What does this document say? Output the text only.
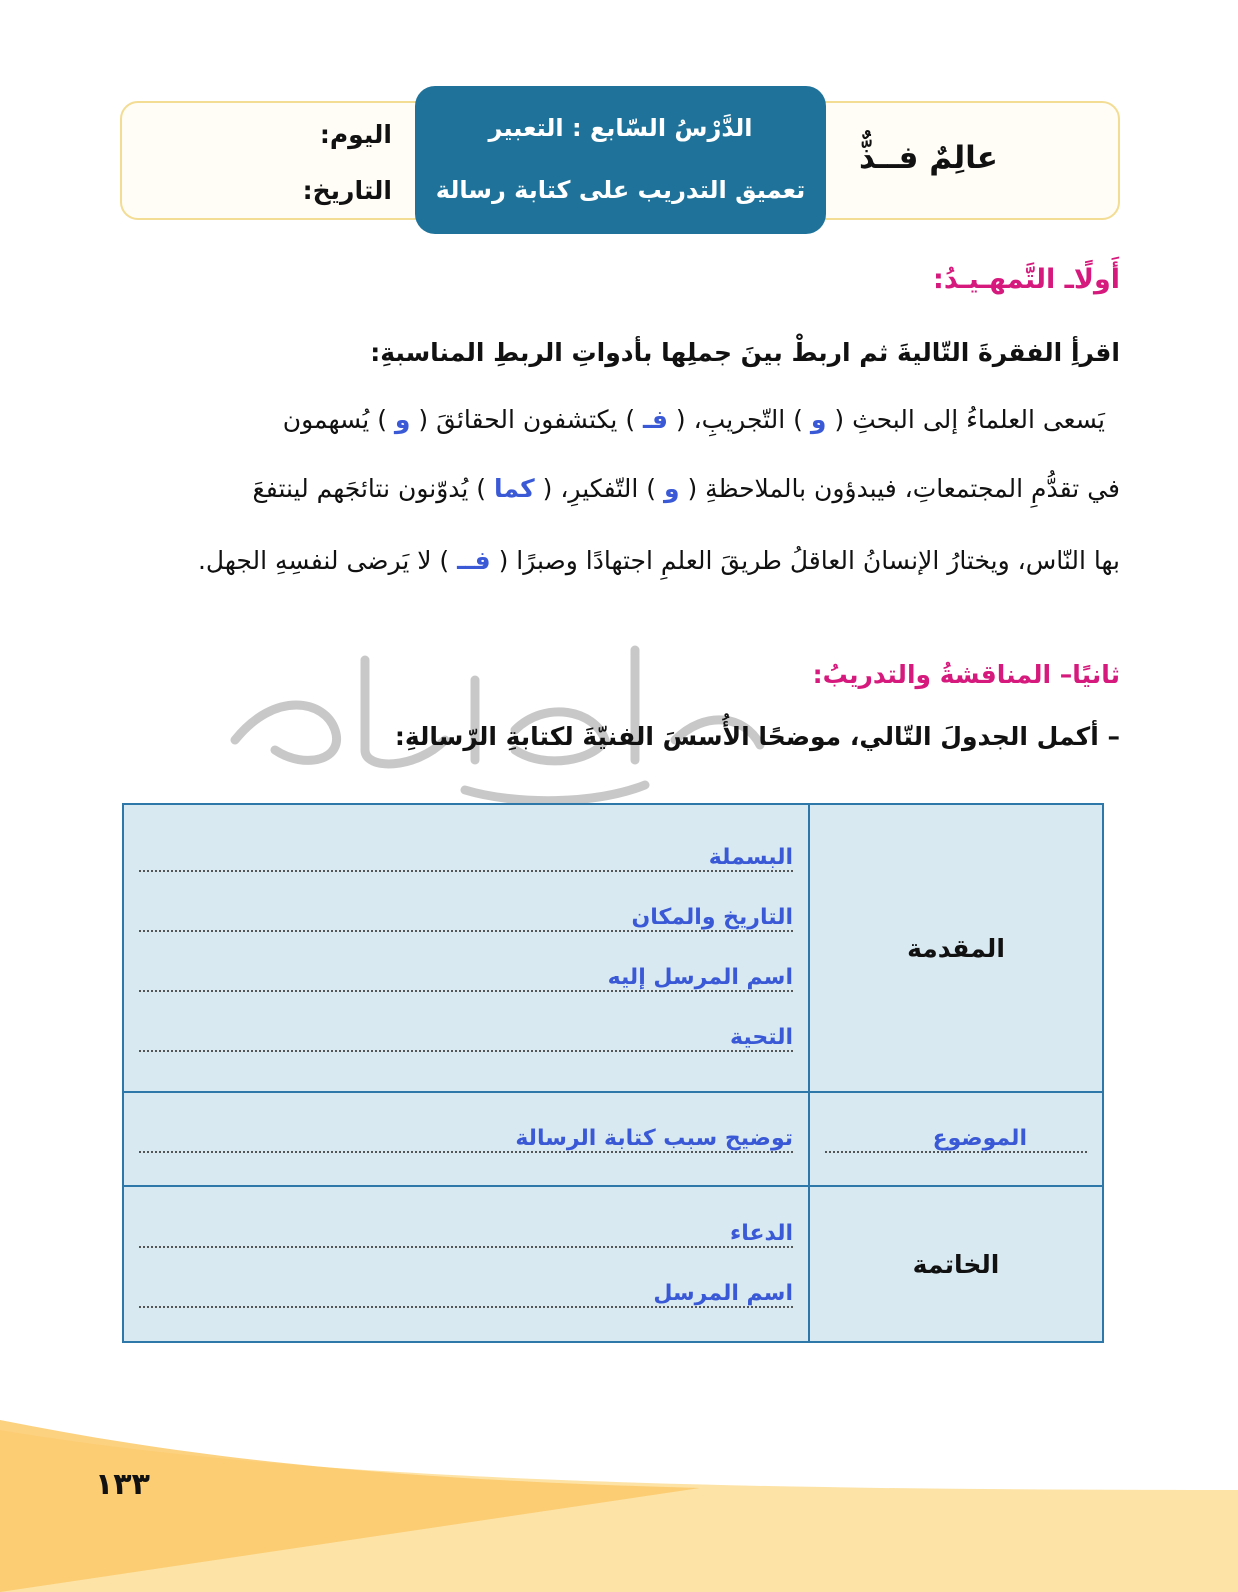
عالِمٌ فــذٌّ
اليوم:
التاريخ:
الدَّرْسُ السّابع : التعبير
تعميق التدريب على كتابة رسالة
أَولًاـ التَّمهـيـدُ:
اقرأِ الفقرةَ التّاليةَ ثم اربطْ بينَ جملِها بأدواتِ الربطِ المناسبةِ:
يَسعى العلماءُ إلى البحثِ ( و ) التّجريبِ، ( فـ ) يكتشفون الحقائقَ ( و ) يُسهمون
في تقدُّمِ المجتمعاتِ، فيبدؤون بالملاحظةِ ( و ) التّفكيرِ، ( كما ) يُدوّنون نتائجَهم لينتفعَ
بها النّاس، ويختارُ الإنسانُ العاقلُ طريقَ العلمِ اجتهادًا وصبرًا ( فــ ) لا يَرضى لنفسِهِ الجهل.
ثانيًا– المناقشةُ والتدريبُ:
– أكمل الجدولَ التّالي، موضحًا الأُسسَ الفنيّةَ لكتابةِ الرّسالةِ:
المقدمة	البسملة
التاريخ والمكان
اسم المرسل إليه
التحية

الموضوع	توضيح سبب كتابة الرسالة

الخاتمة	الدعاء
اسم المرسل
١٣٣
